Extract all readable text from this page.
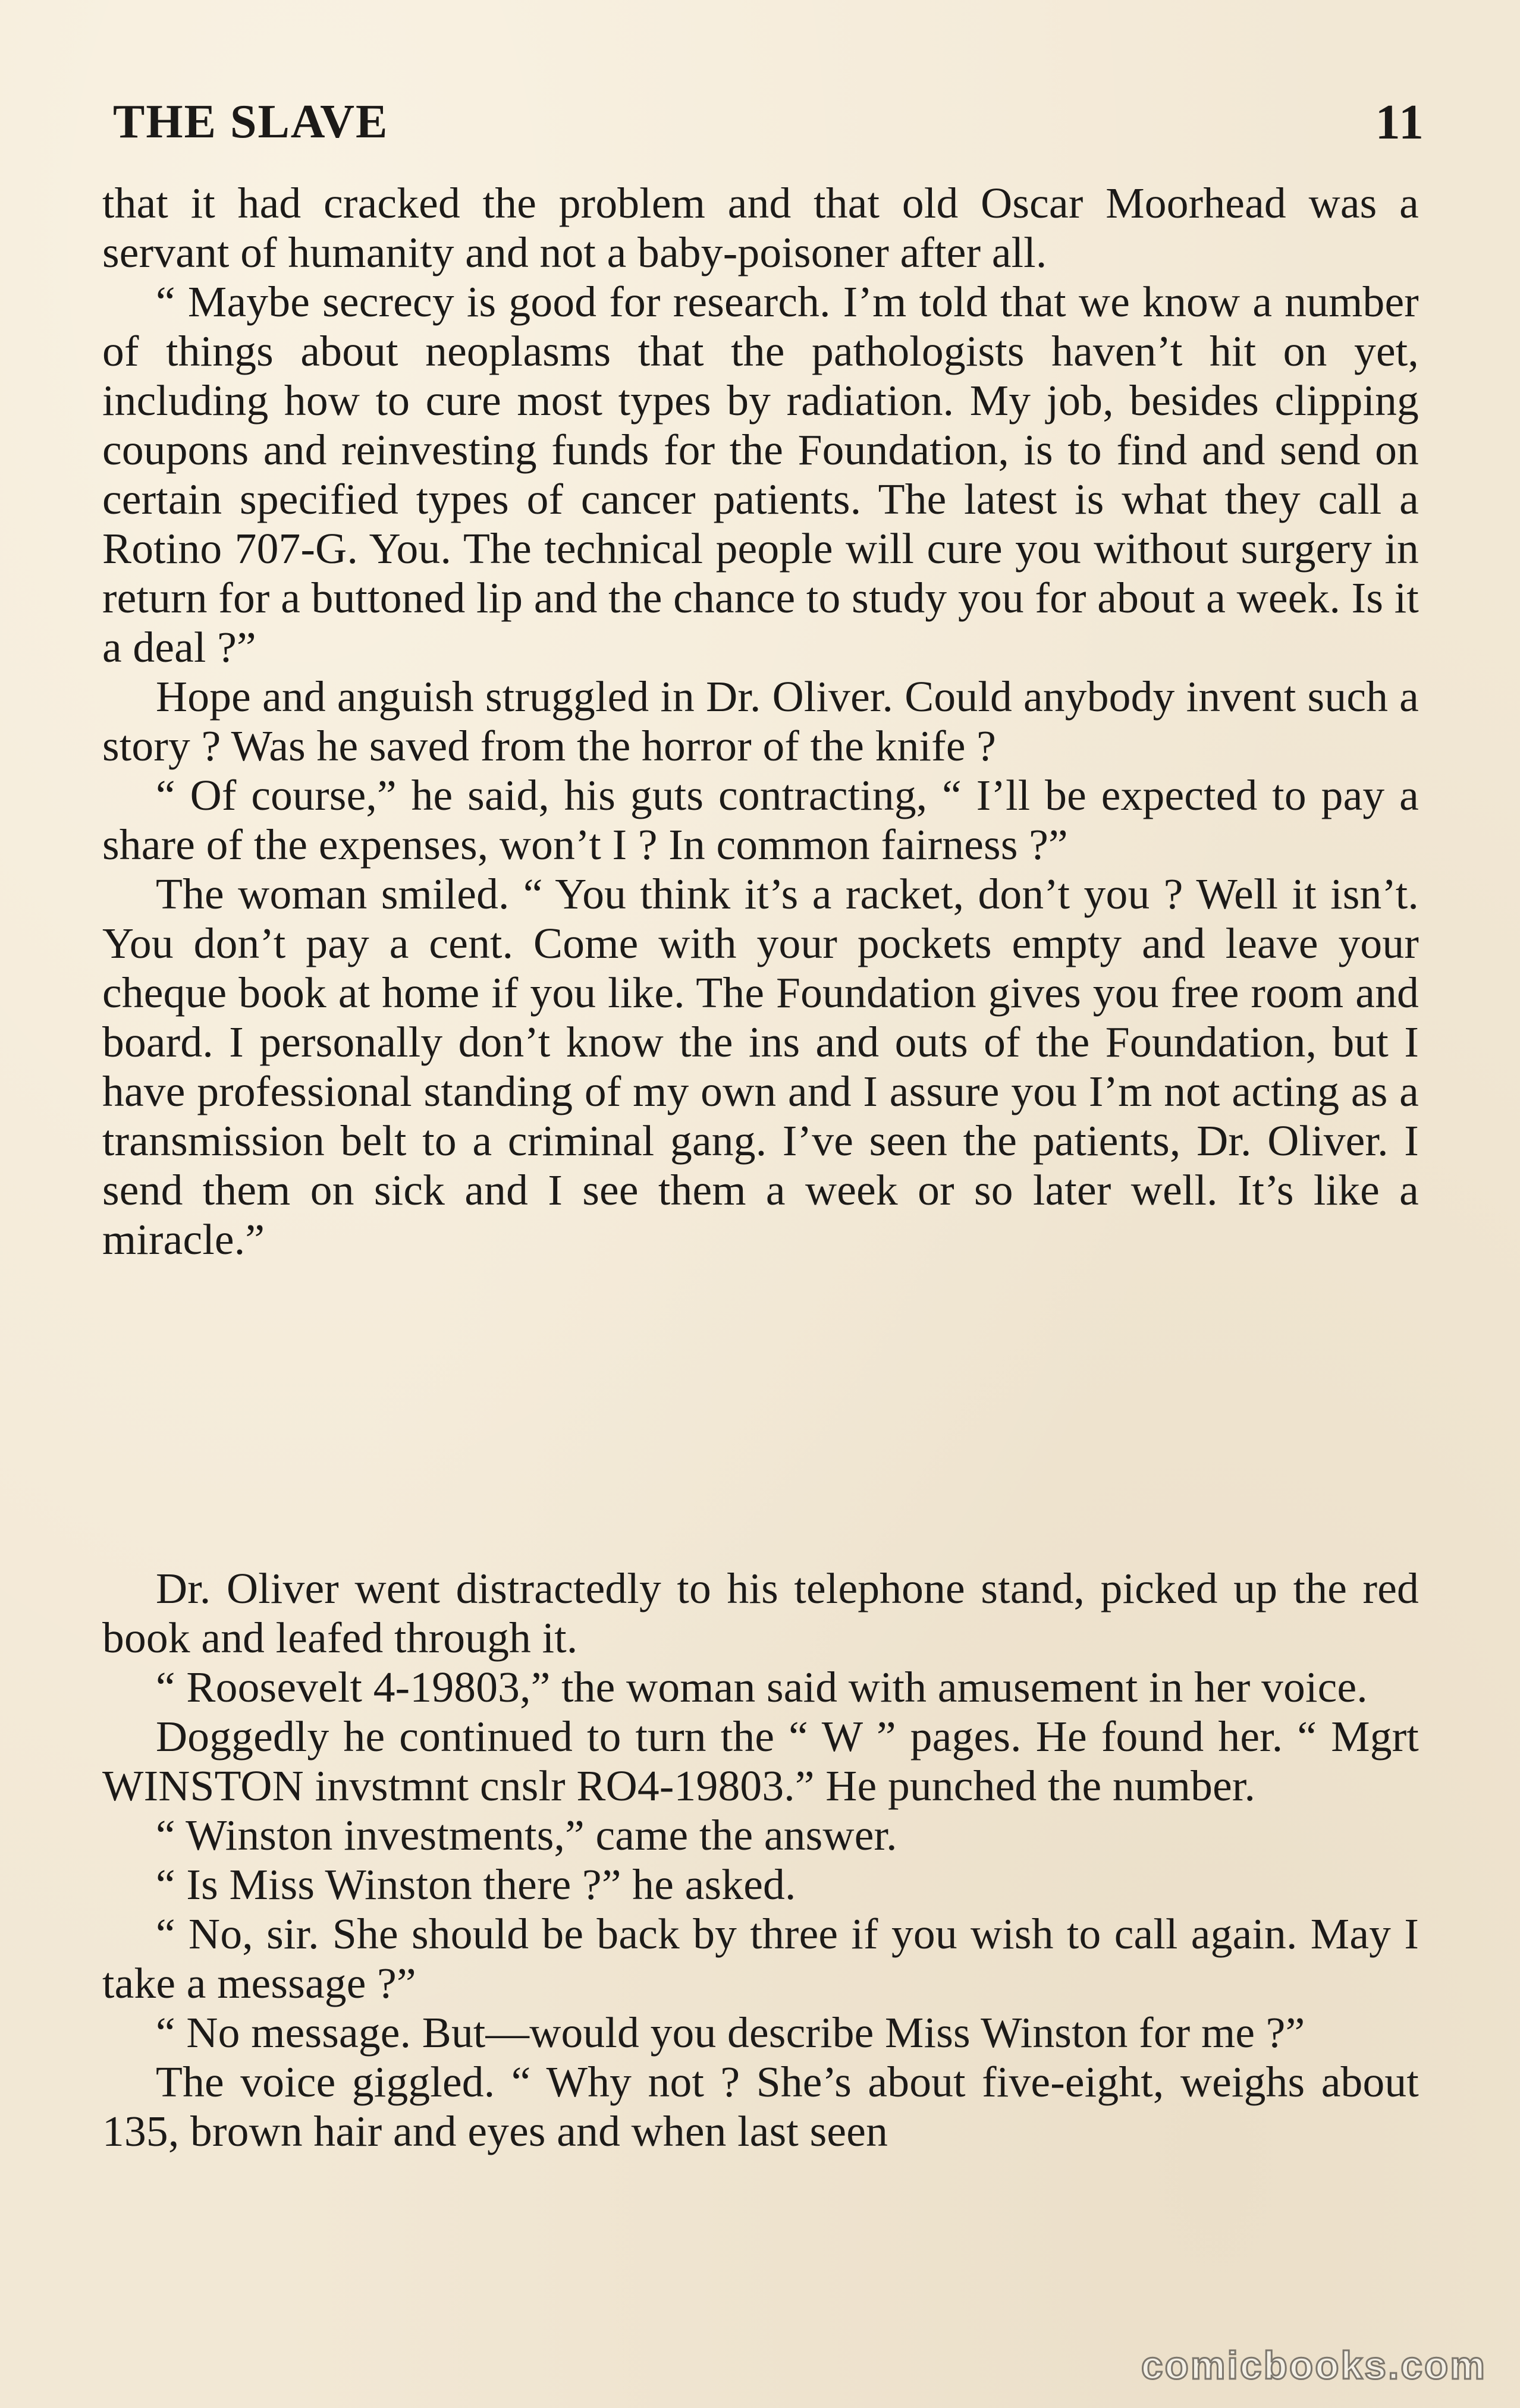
THE SLAVE	11

that it had cracked the problem and that old Oscar Moorhead was a servant of humanity and not a baby-poisoner after all.

“ Maybe secrecy is good for research. I’m told that we know a number of things about neoplasms that the pathologists haven’t hit on yet, including how to cure most types by radiation. My job, besides clipping coupons and reinvesting funds for the Foundation, is to find and send on certain specified types of cancer patients. The latest is what they call a Rotino 707-G. You. The technical people will cure you without surgery in return for a buttoned lip and the chance to study you for about a week. Is it a deal ?”

Hope and anguish struggled in Dr. Oliver. Could anybody invent such a story ? Was he saved from the horror of the knife ?

“ Of course,” he said, his guts contracting, “ I’ll be expected to pay a share of the expenses, won’t I ? In common fairness ?”

The woman smiled. “ You think it’s a racket, don’t you ? Well it isn’t. You don’t pay a cent. Come with your pockets empty and leave your cheque book at home if you like. The Foundation gives you free room and board. I personally don’t know the ins and outs of the Foundation, but I have professional standing of my own and I assure you I’m not acting as a transmission belt to a criminal gang. I’ve seen the patients, Dr. Oliver. I send them on sick and I see them a week or so later well. It’s like a miracle.”

Dr. Oliver went distractedly to his telephone stand, picked up the red book and leafed through it.

“ Roosevelt 4-19803,” the woman said with amusement in her voice.

Doggedly he continued to turn the “ W ” pages. He found her. “ Mgrt WINSTON invstmnt cnslr RO4-19803.” He punched the number.

“ Winston investments,” came the answer.

“ Is Miss Winston there ?” he asked.

“ No, sir. She should be back by three if you wish to call again. May I take a message ?”

“ No message. But—would you describe Miss Winston for me ?”

The voice giggled. “ Why not ? She’s about five-eight, weighs about 135, brown hair and eyes and when last seen

comicbooks.com
